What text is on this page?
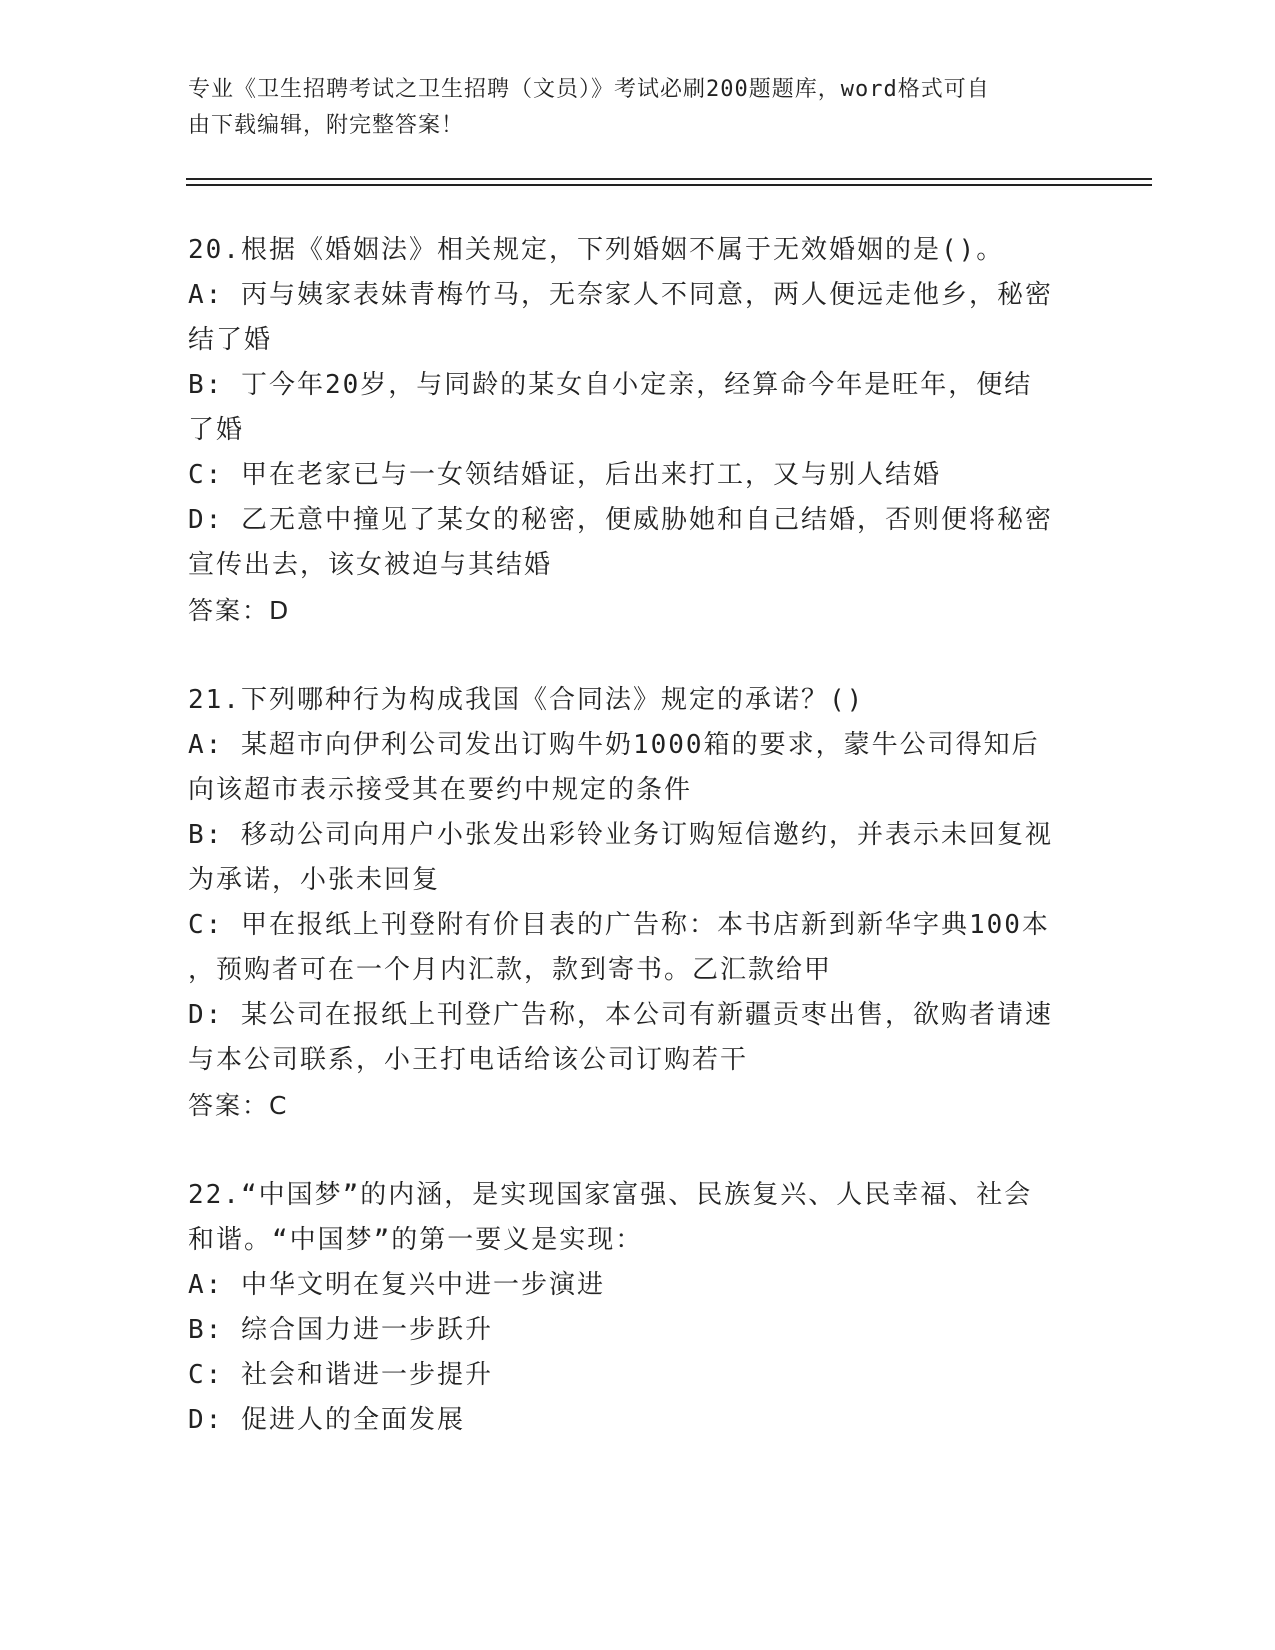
专业《卫生招聘考试之卫生招聘（文员）》考试必刷200题题库，word格式可自

由下载编辑，附完整答案！

20.根据《婚姻法》相关规定，下列婚姻不属于无效婚姻的是()。

A: 丙与姨家表妹青梅竹马，无奈家人不同意，两人便远走他乡，秘密

结了婚

B: 丁今年20岁，与同龄的某女自小定亲，经算命今年是旺年，便结

了婚

C: 甲在老家已与一女领结婚证，后出来打工，又与别人结婚

D: 乙无意中撞见了某女的秘密，便威胁她和自己结婚，否则便将秘密

宣传出去，该女被迫与其结婚

答案：D

21.下列哪种行为构成我国《合同法》规定的承诺？()

A: 某超市向伊利公司发出订购牛奶1000箱的要求，蒙牛公司得知后

向该超市表示接受其在要约中规定的条件

B: 移动公司向用户小张发出彩铃业务订购短信邀约，并表示未回复视

为承诺，小张未回复

C: 甲在报纸上刊登附有价目表的广告称：本书店新到新华字典100本

，预购者可在一个月内汇款，款到寄书。乙汇款给甲

D: 某公司在报纸上刊登广告称，本公司有新疆贡枣出售，欲购者请速

与本公司联系，小王打电话给该公司订购若干

答案：C

22.“中国梦”的内涵，是实现国家富强、民族复兴、人民幸福、社会

和谐。“中国梦”的第一要义是实现：

A: 中华文明在复兴中进一步演进

B: 综合国力进一步跃升

C: 社会和谐进一步提升

D: 促进人的全面发展
